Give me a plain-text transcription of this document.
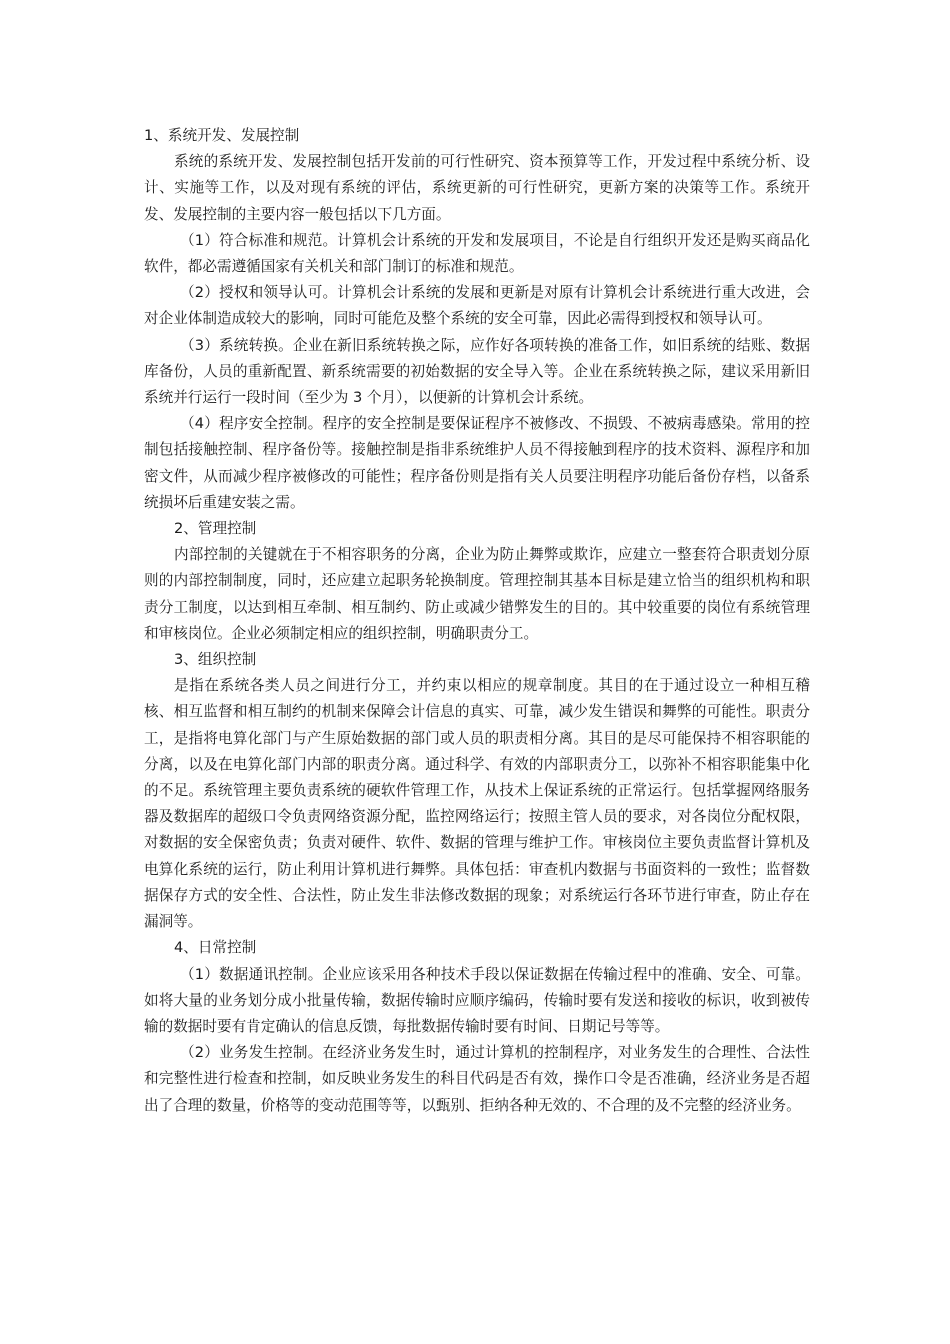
1、系统开发、发展控制

系统的系统开发、发展控制包括开发前的可行性研究、资本预算等工作，开发过程中系统分析、设计、实施等工作，以及对现有系统的评估，系统更新的可行性研究，更新方案的决策等工作。系统开发、发展控制的主要内容一般包括以下几方面。

（1）符合标准和规范。计算机会计系统的开发和发展项目，不论是自行组织开发还是购买商品化软件，都必需遵循国家有关机关和部门制订的标准和规范。

（2）授权和领导认可。计算机会计系统的发展和更新是对原有计算机会计系统进行重大改进，会对企业体制造成较大的影响，同时可能危及整个系统的安全可靠，因此必需得到授权和领导认可。

（3）系统转换。企业在新旧系统转换之际，应作好各项转换的准备工作，如旧系统的结账、数据库备份，人员的重新配置、新系统需要的初始数据的安全导入等。企业在系统转换之际，建议采用新旧系统并行运行一段时间（至少为 3 个月），以便新的计算机会计系统。

（4）程序安全控制。程序的安全控制是要保证程序不被修改、不损毁、不被病毒感染。常用的控制包括接触控制、程序备份等。接触控制是指非系统维护人员不得接触到程序的技术资料、源程序和加密文件，从而减少程序被修改的可能性；程序备份则是指有关人员要注明程序功能后备份存档，以备系统损坏后重建安装之需。

2、管理控制

内部控制的关键就在于不相容职务的分离，企业为防止舞弊或欺诈，应建立一整套符合职责划分原则的内部控制制度，同时，还应建立起职务轮换制度。管理控制其基本目标是建立恰当的组织机构和职责分工制度，以达到相互牵制、相互制约、防止或减少错弊发生的目的。其中较重要的岗位有系统管理和审核岗位。企业必须制定相应的组织控制，明确职责分工。

3、组织控制

是指在系统各类人员之间进行分工，并约束以相应的规章制度。其目的在于通过设立一种相互稽核、相互监督和相互制约的机制来保障会计信息的真实、可靠，减少发生错误和舞弊的可能性。职责分工，是指将电算化部门与产生原始数据的部门或人员的职责相分离。其目的是尽可能保持不相容职能的分离，以及在电算化部门内部的职责分离。通过科学、有效的内部职责分工，以弥补不相容职能集中化的不足。系统管理主要负责系统的硬软件管理工作，从技术上保证系统的正常运行。包括掌握网络服务器及数据库的超级口令负责网络资源分配，监控网络运行；按照主管人员的要求，对各岗位分配权限，对数据的安全保密负责；负责对硬件、软件、数据的管理与维护工作。审核岗位主要负责监督计算机及电算化系统的运行，防止利用计算机进行舞弊。具体包括：审查机内数据与书面资料的一致性；监督数据保存方式的安全性、合法性，防止发生非法修改数据的现象；对系统运行各环节进行审查，防止存在漏洞等。

4、日常控制

（1）数据通讯控制。企业应该采用各种技术手段以保证数据在传输过程中的准确、安全、可靠。如将大量的业务划分成小批量传输，数据传输时应顺序编码，传输时要有发送和接收的标识，收到被传输的数据时要有肯定确认的信息反馈，每批数据传输时要有时间、日期记号等等。

（2）业务发生控制。在经济业务发生时，通过计算机的控制程序，对业务发生的合理性、合法性和完整性进行检查和控制，如反映业务发生的科目代码是否有效，操作口令是否准确，经济业务是否超出了合理的数量，价格等的变动范围等等，以甄别、拒纳各种无效的、不合理的及不完整的经济业务。
